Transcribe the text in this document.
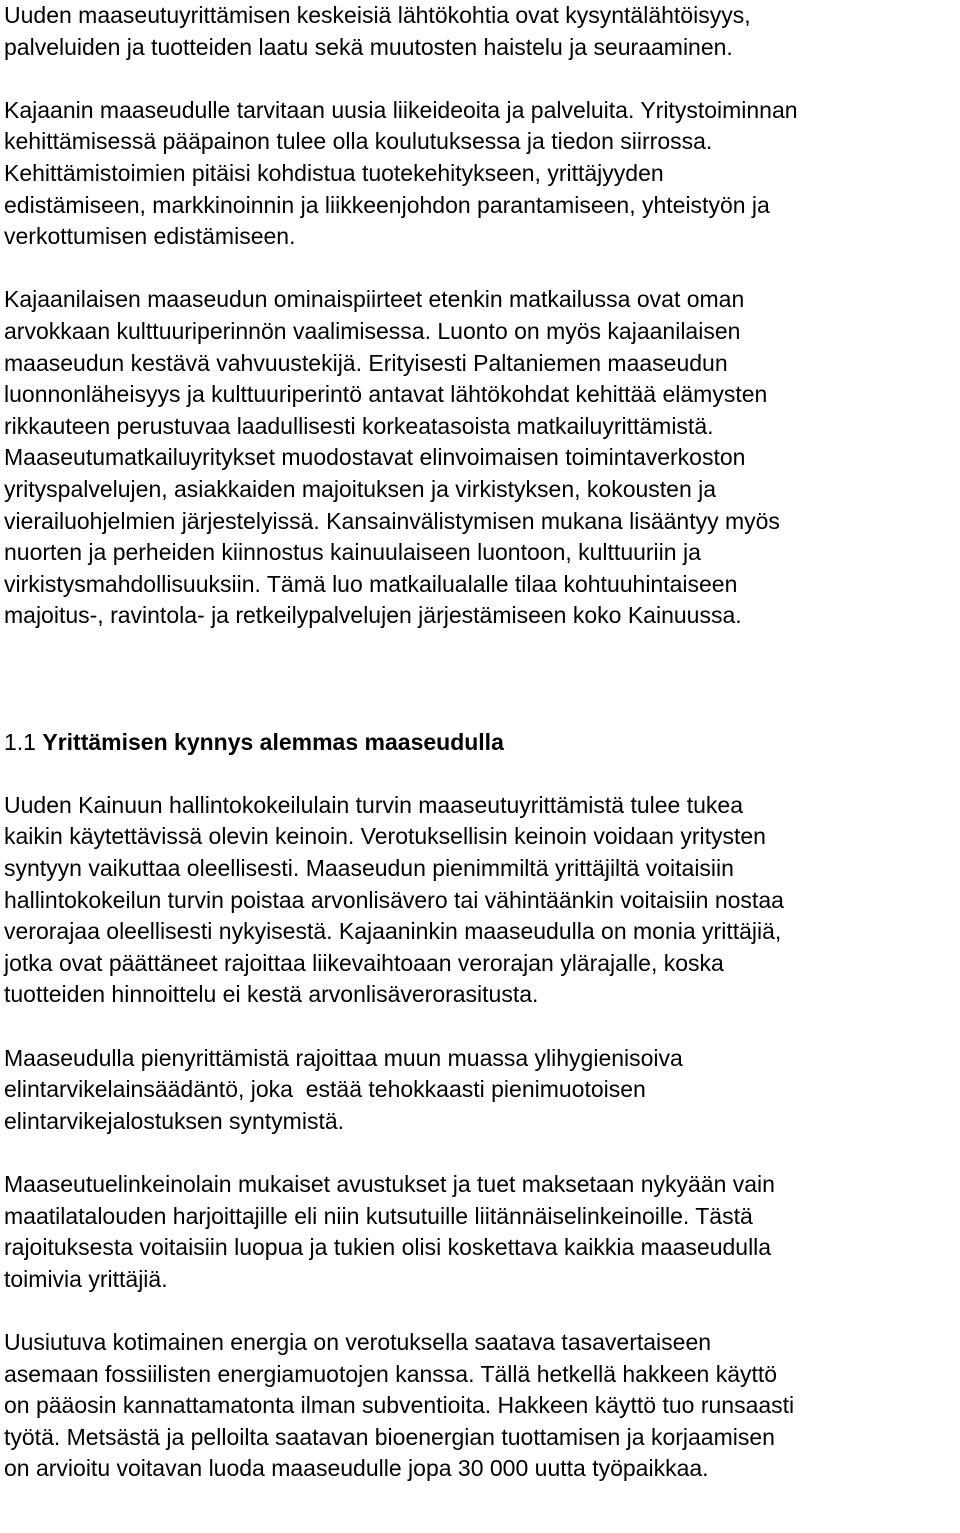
Uuden maaseutuyrittämisen keskeisiä lähtökohtia ovat kysyntälähtöisyys,
palveluiden ja tuotteiden laatu sekä muutosten haistelu ja seuraaminen.
Kajaanin maaseudulle tarvitaan uusia liikeideoita ja palveluita. Yritystoiminnan
kehittämisessä pääpainon tulee olla koulutuksessa ja tiedon siirrossa.
Kehittämistoimien pitäisi kohdistua tuotekehitykseen, yrittäjyyden
edistämiseen, markkinoinnin ja liikkeenjohdon parantamiseen, yhteistyön ja
verkottumisen edistämiseen.
Kajaanilaisen maaseudun ominaispiirteet etenkin matkailussa ovat oman
arvokkaan kulttuuriperinnön vaalimisessa. Luonto on myös kajaanilaisen
maaseudun kestävä vahvuustekijä. Erityisesti Paltaniemen maaseudun
luonnonläheisyys ja kulttuuriperintö antavat lähtökohdat kehittää elämysten
rikkauteen perustuvaa laadullisesti korkeatasoista matkailuyrittämistä.
Maaseutumatkailuyritykset muodostavat elinvoimaisen toimintaverkoston
yrityspalvelujen, asiakkaiden majoituksen ja virkistyksen, kokousten ja
vierailuohjelmien järjestelyissä. Kansainvälistymisen mukana lisääntyy myös
nuorten ja perheiden kiinnostus kainuulaiseen luontoon, kulttuuriin ja
virkistysmahdollisuuksiin. Tämä luo matkailualalle tilaa kohtuuhintaiseen
majoitus-, ravintola- ja retkeilypalvelujen järjestämiseen koko Kainuussa.
1.1 Yrittämisen kynnys alemmas maaseudulla
Uuden Kainuun hallintokokeilulain turvin maaseutuyrittämistä tulee tukea
kaikin käytettävissä olevin keinoin. Verotuksellisin keinoin voidaan yritysten
syntyyn vaikuttaa oleellisesti. Maaseudun pienimmiltä yrittäjiltä voitaisiin
hallintokokeilun turvin poistaa arvonlisävero tai vähintäänkin voitaisiin nostaa
verorajaa oleellisesti nykyisestä. Kajaaninkin maaseudulla on monia yrittäjiä,
jotka ovat päättäneet rajoittaa liikevaihtoaan verorajan ylärajalle, koska
tuotteiden hinnoittelu ei kestä arvonlisäverorasitusta.
Maaseudulla pienyrittämistä rajoittaa muun muassa ylihygienisoiva
elintarvikelainsäädäntö, joka  estää tehokkaasti pienimuotoisen
elintarvikejalostuksen syntymistä.
Maaseutuelinkeinolain mukaiset avustukset ja tuet maksetaan nykyään vain
maatilatalouden harjoittajille eli niin kutsutuille liitännäiselinkeinoille. Tästä
rajoituksesta voitaisiin luopua ja tukien olisi koskettava kaikkia maaseudulla
toimivia yrittäjiä.
Uusiutuva kotimainen energia on verotuksella saatava tasavertaiseen
asemaan fossiilisten energiamuotojen kanssa. Tällä hetkellä hakkeen käyttö
on pääosin kannattamatonta ilman subventioita. Hakkeen käyttö tuo runsaasti
työtä. Metsästä ja pelloilta saatavan bioenergian tuottamisen ja korjaamisen
on arvioitu voitavan luoda maaseudulle jopa 30 000 uutta työpaikkaa.
